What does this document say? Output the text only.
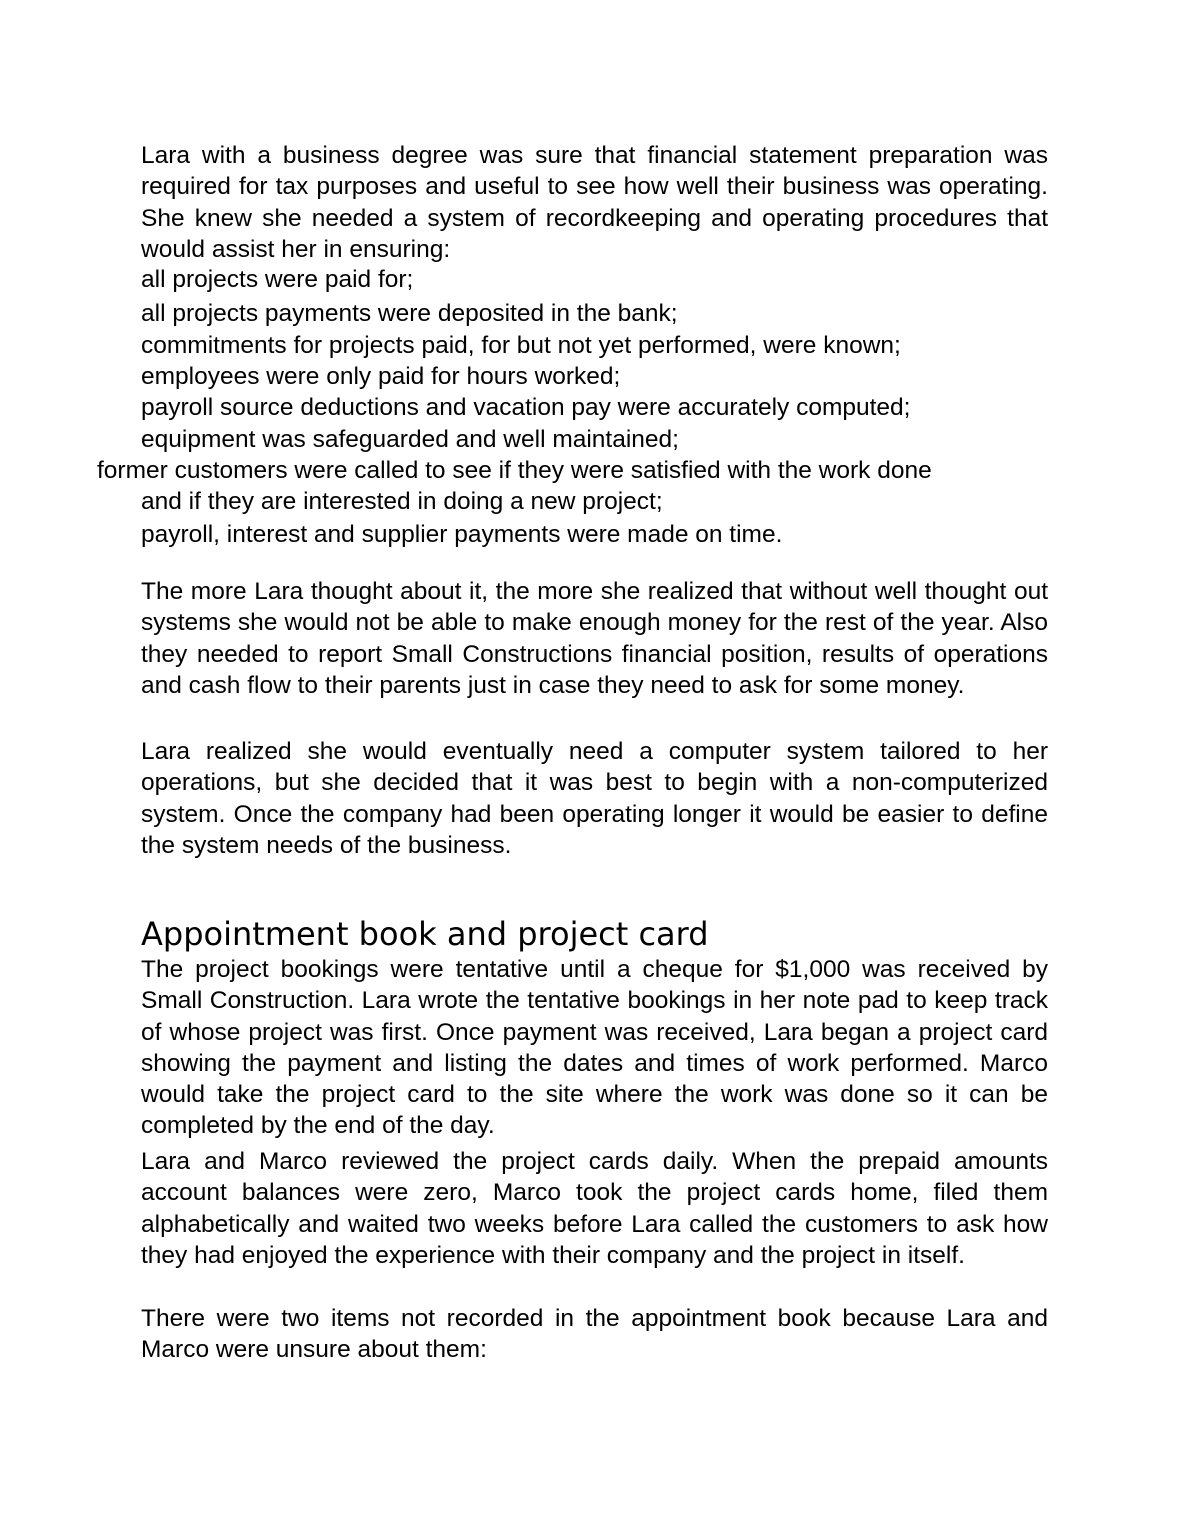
Lara with a business degree was sure that financial statement preparation was required for tax purposes and useful to see how well their business was operating. She knew she needed a system of recordkeeping and operating procedures that would assist her in ensuring:

all projects were paid for;

all projects payments were deposited in the bank;

commitments for projects paid, for but not yet performed, were known;

employees were only paid for hours worked;

payroll source deductions and vacation pay were accurately computed;

equipment was safeguarded and well maintained;

former customers were called to see if they were satisfied with the work done
and if they are interested in doing a new project;

payroll, interest and supplier payments were made on time.

The more Lara thought about it, the more she realized that without well thought out systems she would not be able to make enough money for the rest of the year. Also they needed to report Small Constructions financial position, results of operations and cash flow to their parents just in case they need to ask for some money.

Lara realized she would eventually need a computer system tailored to her operations, but she decided that it was best to begin with a non-computerized system. Once the company had been operating longer it would be easier to define the system needs of the business.

Appointment book and project card

The project bookings were tentative until a cheque for $1,000 was received by Small Construction. Lara wrote the tentative bookings in her note pad to keep track of whose project was first. Once payment was received, Lara began a project card showing the payment and listing the dates and times of work performed. Marco would take the project card to the site where the work was done so it can be completed by the end of the day.

Lara and Marco reviewed the project cards daily. When the prepaid amounts account balances were zero, Marco took the project cards home, filed them alphabetically and waited two weeks before Lara called the customers to ask how they had enjoyed the experience with their company and the project in itself.

There were two items not recorded in the appointment book because Lara and Marco were unsure about them:
